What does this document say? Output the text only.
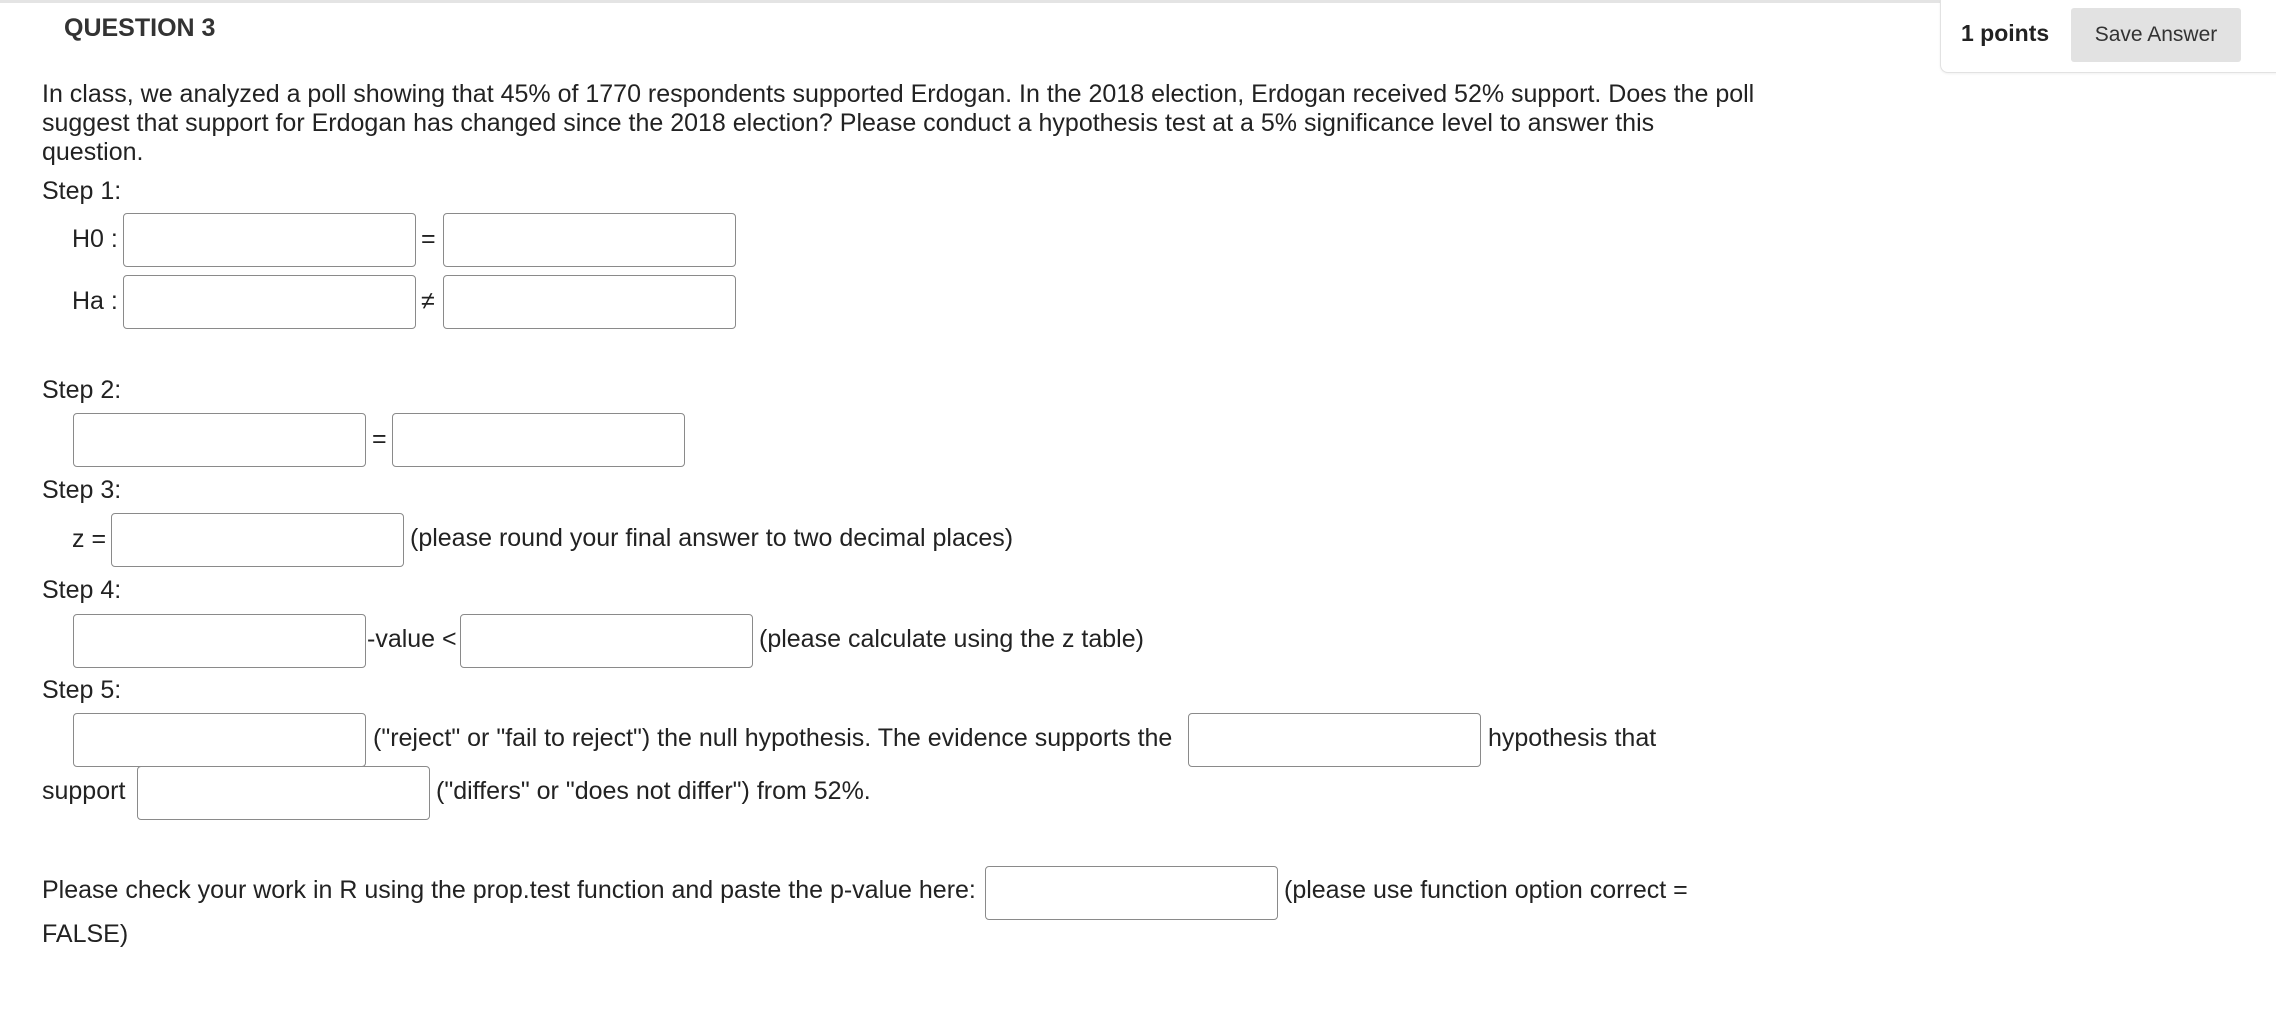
QUESTION 3	1 points	Save Answer
In class, we analyzed a poll showing that 45% of 1770 respondents supported Erdogan. In the 2018 election, Erdogan received 52% support. Does the poll suggest that support for Erdogan has changed since the 2018 election? Please conduct a hypothesis test at a 5% significance level to answer this question.
Step 1:
H0 :	=
Ha :	≠
Step 2:
=
Step 3:
z =	(please round your final answer to two decimal places)
Step 4:
-value <	(please calculate using the z table)
Step 5:
("reject" or "fail to reject") the null hypothesis. The evidence supports the	hypothesis that
support	("differs" or "does not differ") from 52%.
Please check your work in R using the prop.test function and paste the p-value here:	(please use function option correct =
FALSE)
